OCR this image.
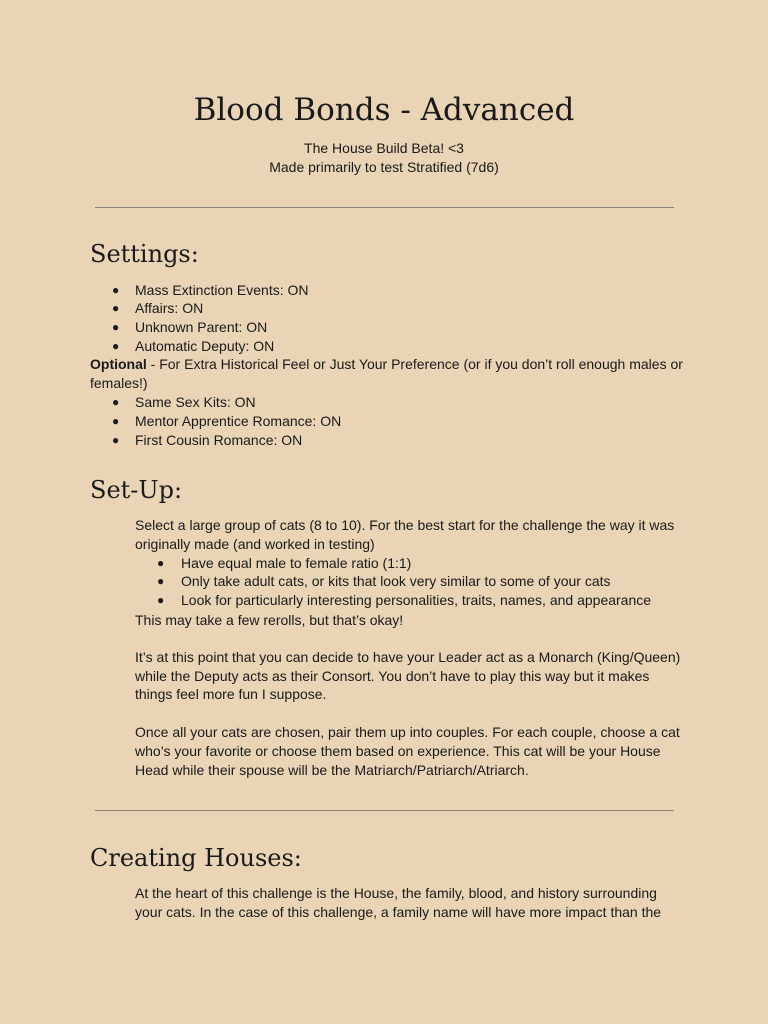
Blood Bonds - Advanced
The House Build Beta! <3
Made primarily to test Stratified (7d6)
Settings:
● Mass Extinction Events: ON
● Affairs: ON
● Unknown Parent: ON
● Automatic Deputy: ON
Optional - For Extra Historical Feel or Just Your Preference (or if you don’t roll enough males or
females!)
● Same Sex Kits: ON
● Mentor Apprentice Romance: ON
● First Cousin Romance: ON
Set-Up:
Select a large group of cats (8 to 10). For the best start for the challenge the way it was
originally made (and worked in testing)
● Have equal male to female ratio (1:1)
● Only take adult cats, or kits that look very similar to some of your cats
● Look for particularly interesting personalities, traits, names, and appearance
This may take a few rerolls, but that’s okay!
It’s at this point that you can decide to have your Leader act as a Monarch (King/Queen)
while the Deputy acts as their Consort. You don’t have to play this way but it makes
things feel more fun I suppose.
Once all your cats are chosen, pair them up into couples. For each couple, choose a cat
who’s your favorite or choose them based on experience. This cat will be your House
Head while their spouse will be the Matriarch/Patriarch/Atriarch.
Creating Houses:
At the heart of this challenge is the House, the family, blood, and history surrounding
your cats. In the case of this challenge, a family name will have more impact than the
